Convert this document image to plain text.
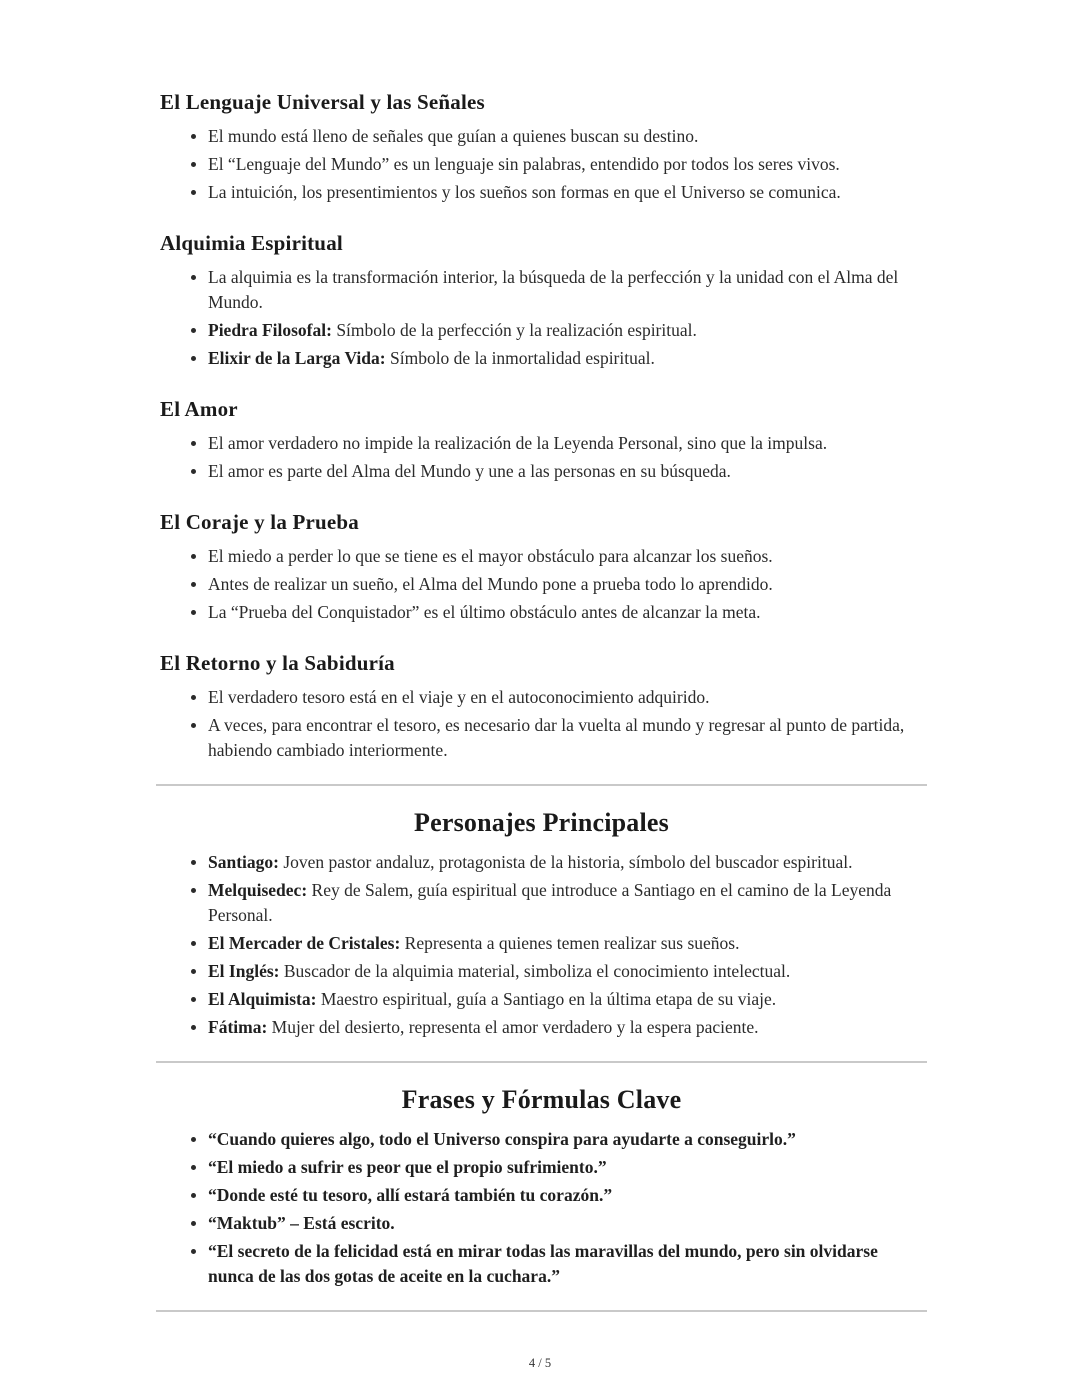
El Lenguaje Universal y las Señales
El mundo está lleno de señales que guían a quienes buscan su destino.
El “Lenguaje del Mundo” es un lenguaje sin palabras, entendido por todos los seres vivos.
La intuición, los presentimientos y los sueños son formas en que el Universo se comunica.
Alquimia Espiritual
La alquimia es la transformación interior, la búsqueda de la perfección y la unidad con el Alma del Mundo.
Piedra Filosofal: Símbolo de la perfección y la realización espiritual.
Elixir de la Larga Vida: Símbolo de la inmortalidad espiritual.
El Amor
El amor verdadero no impide la realización de la Leyenda Personal, sino que la impulsa.
El amor es parte del Alma del Mundo y une a las personas en su búsqueda.
El Coraje y la Prueba
El miedo a perder lo que se tiene es el mayor obstáculo para alcanzar los sueños.
Antes de realizar un sueño, el Alma del Mundo pone a prueba todo lo aprendido.
La “Prueba del Conquistador” es el último obstáculo antes de alcanzar la meta.
El Retorno y la Sabiduría
El verdadero tesoro está en el viaje y en el autoconocimiento adquirido.
A veces, para encontrar el tesoro, es necesario dar la vuelta al mundo y regresar al punto de partida, habiendo cambiado interiormente.
Personajes Principales
Santiago: Joven pastor andaluz, protagonista de la historia, símbolo del buscador espiritual.
Melquisedec: Rey de Salem, guía espiritual que introduce a Santiago en el camino de la Leyenda Personal.
El Mercader de Cristales: Representa a quienes temen realizar sus sueños.
El Inglés: Buscador de la alquimia material, simboliza el conocimiento intelectual.
El Alquimista: Maestro espiritual, guía a Santiago en la última etapa de su viaje.
Fátima: Mujer del desierto, representa el amor verdadero y la espera paciente.
Frases y Fórmulas Clave
“Cuando quieres algo, todo el Universo conspira para ayudarte a conseguirlo.”
“El miedo a sufrir es peor que el propio sufrimiento.”
“Donde esté tu tesoro, allí estará también tu corazón.”
“Maktub” – Está escrito.
“El secreto de la felicidad está en mirar todas las maravillas del mundo, pero sin olvidarse nunca de las dos gotas de aceite en la cuchara.”
4 / 5
